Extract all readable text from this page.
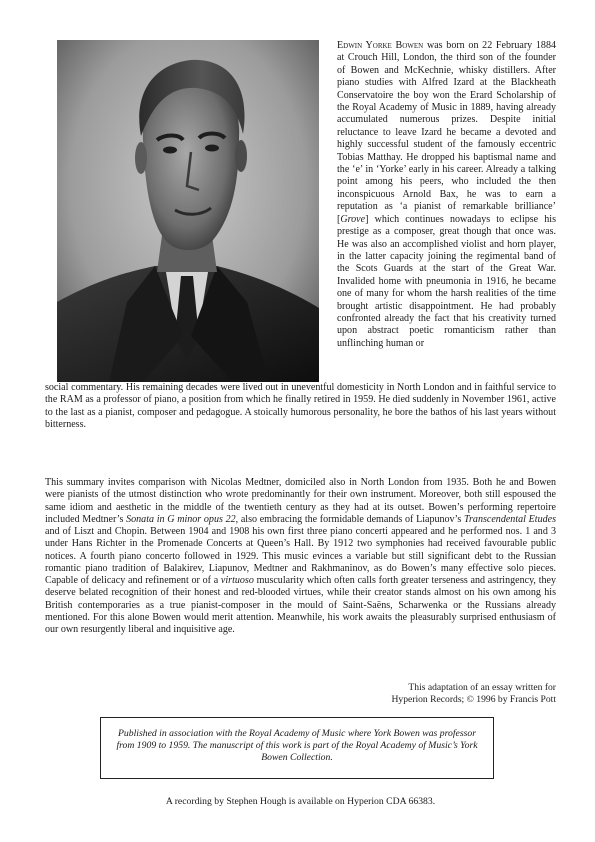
Edwin Yorke Bowen was born on 22 February 1884 at Crouch Hill, London, the third son of the founder of Bowen and McKechnie, whisky distillers. After piano studies with Alfred Izard at the Blackheath Conservatoire the boy won the Erard Scholarship of the Royal Academy of Music in 1889, having already accumulated numerous prizes. Despite initial reluctance to leave Izard he became a devoted and highly successful student of the famously eccentric Tobias Matthay. He dropped his baptismal name and the ‘e’ in ‘Yorke’ early in his career. Already a talking point among his peers, who included the then inconspicuous Arnold Bax, he was to earn a reputation as ‘a pianist of remarkable brilliance’ [Grove] which continues nowadays to eclipse his prestige as a composer, great though that once was. He was also an accomplished violist and horn player, in the latter capacity joining the regimental band of the Scots Guards at the start of the Great War. Invalided home with pneumonia in 1916, he became one of many for whom the harsh realities of the time brought artistic disappointment. He had probably confronted already the fact that his creativity turned upon abstract poetic romanticism rather than unflinching human or

social commentary. His remaining decades were lived out in uneventful domesticity in North London and in faithful service to the RAM as a professor of piano, a position from which he finally retired in 1959. He died suddenly in November 1961, active to the last as a pianist, composer and pedagogue. A stoically humorous personality, he bore the bathos of his last years without bitterness.

This summary invites comparison with Nicolas Medtner, domiciled also in North London from 1935. Both he and Bowen were pianists of the utmost distinction who wrote predominantly for their own instrument. Moreover, both still espoused the same idiom and aesthetic in the middle of the twentieth century as they had at its outset. Bowen’s performing repertoire included Medtner’s Sonata in G minor opus 22, also embracing the formidable demands of Liapunov’s Transcendental Etudes and of Liszt and Chopin. Between 1904 and 1908 his own first three piano concerti appeared and he performed nos. 1 and 3 under Hans Richter in the Promenade Concerts at Queen’s Hall. By 1912 two symphonies had received favourable public notices. A fourth piano concerto followed in 1929. This music evinces a variable but still significant debt to the Russian romantic piano tradition of Balakirev, Liapunov, Medtner and Rakhmaninov, as do Bowen’s many effective solo pieces. Capable of delicacy and refinement or of a virtuoso muscularity which often calls forth greater terseness and astringency, they deserve belated recognition of their honest and red-blooded virtues, while their creator stands almost on his own among his British contemporaries as a true pianist-composer in the mould of Saint-Saëns, Scharwenka or the Russians already mentioned. For this alone Bowen would merit attention. Meanwhile, his work awaits the pleasurably surprised enthusiasm of our own resurgently liberal and inquisitive age.

This adaptation of an essay written for
Hyperion Records; © 1996 by Francis Pott

Published in association with the Royal Academy of Music where York Bowen was professor from 1909 to 1959. The manuscript of this work is part of the Royal Academy of Music’s York Bowen Collection.

A recording by Stephen Hough is available on Hyperion CDA 66383.
